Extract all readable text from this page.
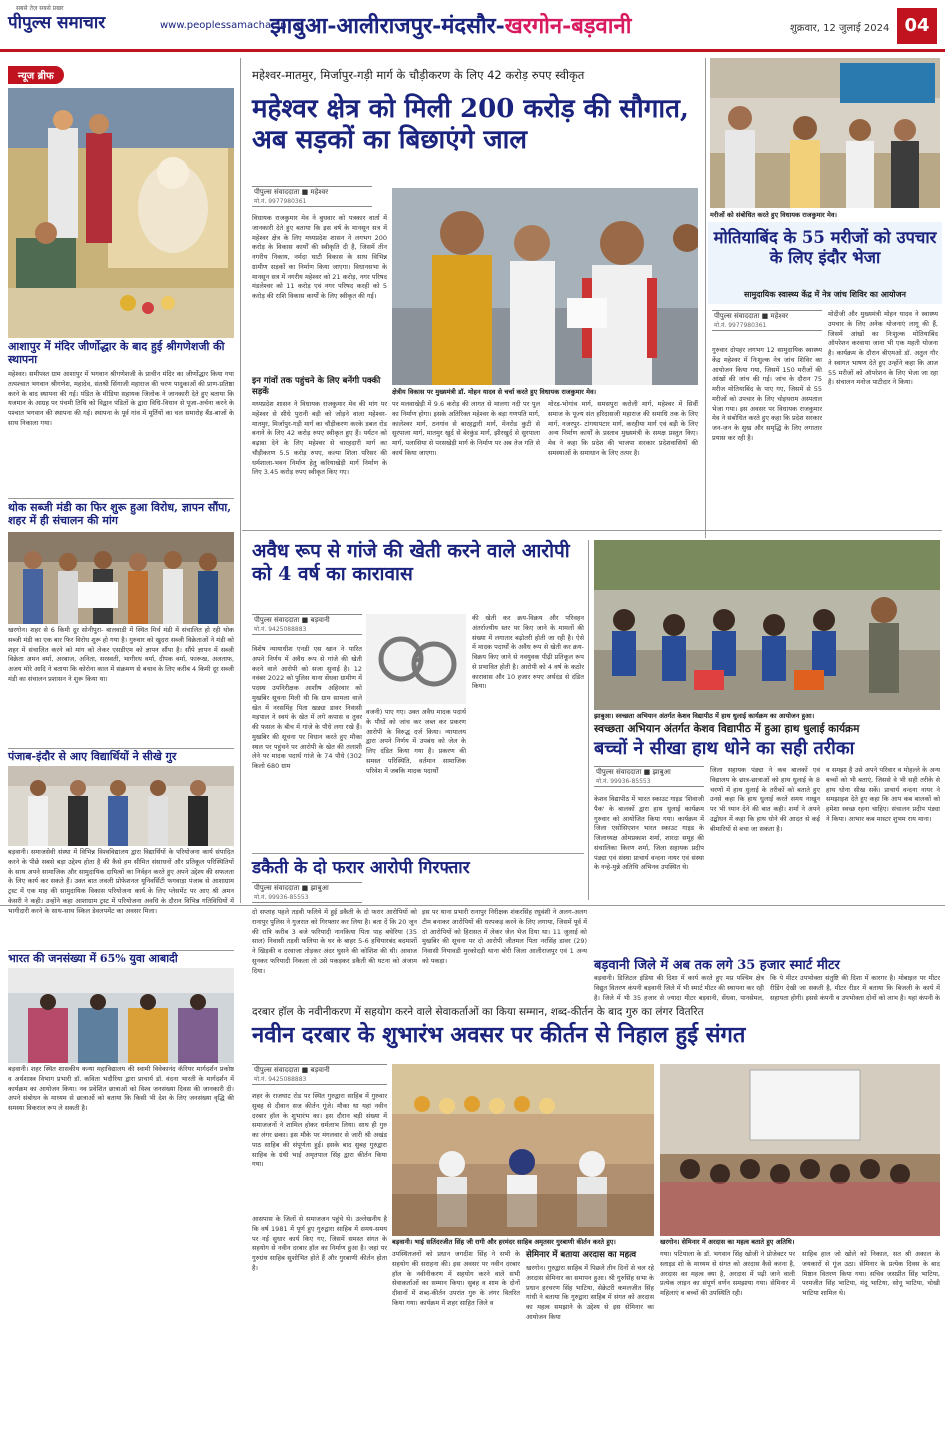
सबसे तेज़ सबसे प्रखर
पीपुल्स समाचार	www.peoplessamachar.in
झाबुआ-आलीराजपुर-मंदसौर-खरगोन-बड़वानी	शुक्रवार, 12 जुलाई 2024 04
न्यूज ब्रीफ
आशापुर में मंदिर जीर्णोद्धार के बाद हुई श्रीगणेशजी की स्थापना
महेश्वर। समीपस्त ग्राम आशापुर में भगवान श्रीगणेशजी के प्राचीन मंदिर का जीर्णोद्धार किया गया तत्पश्चात भगवान श्रीगणेश, महादेव, संतश्री सिंगाजी महाराज की चरण पादुकाओं की प्राण-प्रतिष्ठा करने के बाद स्थापना की गई। पंडित के मीडिया सहायक जिलोक ने जानकारी देते हुए बताया कि यजमान के आग्रह पर पंचमी तिथि को विद्वान पंडितों के द्वारा विधि-विधान से पूजा-अर्चना करने के पश्चात भगवान की स्थापना की गई। स्थापना के पूर्व गांव में मूर्तियों का चल समारोह बैंड-बाजों के साथ निकाला गया।
थोक सब्जी मंडी का फिर शुरू हुआ विरोध, ज्ञापन सौंपा, शहर में ही संचालन की मांग
खरगोन। शहर से 6 किमी दूर सोनीपुरा- बालवाडी में स्थित मिर्च मंडी में संचालित हो रही थोक सब्जी मंडी का एक बार फिर विरोध शुरू हो गया है। गुरुवार को खुदरा सब्जी विक्रेताओं ने मंडी को शहर में संचालित करने को मांग को लेकर एसडीएम को ज्ञापन सौंपा है। सौंपे ज्ञापन में सब्जी विक्रेता अमन वर्मा, अरबाज, अनिता, सरस्वती, भागीरथ वर्मा, दीपक वर्मा, फारूख, अलताफ, अजय मोरे आदि ने बताया कि कोरोना काल में संक्रमण से बचाव के लिए करीब 4 किमी दूर सब्जी मंडी का संचालन प्रशासन ने शुरू किया था।
पंजाब-इंदौर से आए विद्यार्थियों ने सीखे गुर
बड़वानी। समाजसेवी संस्था में विभिन्न विश्वविद्यालय द्वारा विद्यार्थियों के परियोजना कार्य संपादित करने के पीछे सबसे बड़ा उद्देश्य होता है की कैसे हम सीमित संसाधनों और प्रतिकूल परिस्थितियों के साथ अपने सामाजिक और सामुदायिक दायित्वों का निर्वहन करते हुए अपने उद्देश्य की सफलता के लिए कार्य कर सकते हैं। उक्त बात लवली प्रोफेशनल यूनिवर्सिटी फगवाड़ा पंजाब से आशाग्राम ट्रस्ट में एक माह की सामुदायिक विकास परियोजना कार्य के लिए प्लेसमेंट पर आए श्री अमन केसरी ने कही। उन्होंने कहा आशाग्राम ट्रस्ट में परियोजना अवधि के दौरान विभिन्न गतिविधियों में भागीदारी करने के साथ-साथ स्किल डेवलपमेंट का अवसर मिला।
भारत की जनसंख्या में 65% युवा आबादी
बड़वानी। शहर स्थित शासकीय कन्या महाविद्यालय की स्वामी विवेकानंद कॅरियर मार्गदर्शन प्रकोष्ठ व अर्थशास्त्र विभाग प्रभारी डॉ. कविता भदौरिया द्वारा प्राचार्य डॉ. वंदना भारती के मार्गदर्शन में कार्यक्रम का आयोजन किया। नव प्रवेशित छात्राओं को विश्व जनसंख्या दिवस की जानकारी दी। अपने संबोधन के माध्यम से छात्राओं को बताया कि किसी भी देश के लिए जनसंख्या वृद्धि की समस्या विकराल रूप ले सकती है।
महेश्वर-मातमुर, मिर्जापुर-गड़ी मार्ग के चौड़ीकरण के लिए 42 करोड़ रुपए स्वीकृत
महेश्वर क्षेत्र को मिली 200 करोड़ की सौगात, अब सड़कों का बिछाएंगे जाल
पीपुल्स संवाददाता ■ महेश्वर
मो.नं. 9977980361
विधायक राजकुमार मेव ने बुधवार को पत्रकार वार्ता में जानकारी देते हुए बताया कि इस वर्ष के मानसून सत्र में महेश्वर क्षेत्र के लिए मध्यप्रदेश शासन ने लगभग 200 करोड़ के विकास कार्यों की स्वीकृति दी है, जिसमें तीन नगरीय निकाय, नर्मदा घाटी विकास के साथ विभिन्न ग्रामीण सड़कों का निर्माण किया जाएगा। विधानसभा के मानसून सत्र में नगरीय महेश्वर को 21 करोड़, नगर परिषद मंडलेश्वर को 11 करोड़ एवं नगर परिषद करही को 5 करोड़ की राशि विकास कार्यों के लिए स्वीकृत की गई।
इन गांवों तक पहुंचने के लिए बनेंगी पक्की सड़कें
मध्यप्रदेश शासन ने विधायक राजकुमार मेव की मांग पर महेश्वर से सीधे पुरानी बड़ी को जोड़ने वाला महेश्वर-मातमुर, मिर्जापुर-गड़ी मार्ग का चौड़ीकरण करके डबल रोड बनाने के लिए 42 करोड़ रुपए स्वीकृत हुए हैं। पर्यटन को बढ़ावा देने के लिए महेश्वर से चारहदारी मार्ग का चौड़ीकरण 5.5 करोड़ रुपए, कल्पा शिला परिसर की धर्मशाला-भवन निर्माण हेतु करियाखेड़ी मार्ग निर्माण के लिए 3.45 करोड़ रुपए स्वीकृत किए गए।
क्षेत्रीय विकास पर मुख्यमंत्री डॉ. मोहन यादव से चर्चा करते हुए विधायक राजकुमार मेव।
पर मलवाखेड़ी में 9.6 करोड़ की लागत से मालगा नदी पर पुल का निर्माण होगा। इसके अतिरिक्त महेश्वर के बड़ा गणपति मार्ग, कालेश्वर मार्ग, ठनगांव से बारहद्वारी मार्ग, मेनरोड कुटी से सुरपाला मार्ग, मातमुर खुर्द से बेरकुंड मार्ग, झीरखुर्द से सुरपाला मार्ग, पलासिया से परसखेड़ी मार्ग के निर्माण पर अब तेज गति से कार्य किया जाएगा।
मोरड-भोगांव मार्ग, समसपुरा करोली मार्ग, महेश्वर में सिर्वी समाज के पूज्य संत हरिदासजी महाराज की समाधि तक के लिए मार्ग, नजरपुर- टांगयापटार मार्ग, करहीया मार्ग एवं बड़ी के लिए अन्य निर्माण कार्यों के प्रस्ताव मुख्यमंत्री के समक्ष प्रस्तुत किए। मेव ने कहा कि प्रदेश की भाजपा सरकार प्रदेशवासियों की समस्याओं के समाधान के लिए तत्पर है।
मरीजों को संबोधित करते हुए विधायक राजकुमार मेव।
मोतियाबिंद के 55 मरीजों को उपचार के लिए इंदौर भेजा
सामुदायिक स्वास्थ्य केंद्र में नेत्र जांच शिविर का आयोजन
पीपुल्स संवाददाता ■ महेश्वर
मो.नं. 9977980361
गुरुवार दोपहर लगभग 12 सामुदायिक स्वास्थ्य केंद्र महेश्वर में निःशुल्क नेत्र जांच शिविर का आयोजन किया गया, जिसमें 150 मरीजों की आंखों की जांच की गई। जांच के दौरान 75 मरीज मोतियाबिंद के पाए गए, जिसमें से 55 मरीजों को उपचार के लिए चोइथराम अस्पताल भेजा गया। इस अवसर पर विधायक राजकुमार मेव ने संबोधित करते हुए कहा कि प्रदेश सरकार जन-जन के सुख और समृद्धि के लिए लगातार प्रयास कर रही है।
मोदीजी और मुख्यमंत्री मोहन यादव ने स्वास्थ्य उपचार के लिए अनेक योजनाएं लागू की हैं, जिसमें आंखों का निःशुल्क मोतियाबिंद ऑपरेशन करवाया जाना भी एक महती योजना है। कार्यक्रम के दौरान बीएमओ डॉ. अतुल गौर ने स्वागत भाषण देते हुए उन्होंने कहा कि आज 55 मरीजों को ऑपरेशन के लिए भेजा जा रहा है। संचालन मनोज पाटीदार ने किया।
अवैध रूप से गांजे की खेती करने वाले आरोपी को 4 वर्ष का कारावास
पीपुल्स संवाददाता ■ बड़वानी
मो.नं. 9425088883
विशेष न्यायाधीश एनडी एस खान ने पारित अपने निर्णय में अवैध रूप से गांजे की खेती करने वाले आरोपी को सजा सुनाई है। 12 नवंबर 2022 को पुलिस थाना सेंधवा ग्रामीण में पदस्थ उपनिरीक्षक आशीष अहिरवार को मुखबिर सूचना मिली थी कि ग्राम सामला वाले खेत में नरसमिंह पिता खड्या डावर निवासी मड़पाल ने स्वयं के खेत में लगे कपास व तुवर की फसल के बीच में गांजे के पौधे लगा रखे हैं। मुखबिर की सूचना पर विधान करते हुए मौका स्थल पर पहुंचने पर आरोपी के खेत की तलाशी लेने पर मादक पदार्थ गांजे के 74 पौधे (302 किलो 680 ग्राम
वजनी) पाए गए। उक्त अवैध मादक पदार्थ के पौधों को जांच कर जब्त कर प्रकरण आरोपी के विरुद्ध दर्ज किया। न्यायालय द्वारा अपने निर्णय में उपबंध को जेल के लिए दंडित किया गया है। प्रकरण की समस्त परिस्थिति, वर्तमान सामाजिक परिवेश में जबकि मादक पदार्थों
की खेती कर क्रय-विक्रय और परिवहन अंतर्राज्यीय स्तर पर किए जाने के मामलों की संख्या में लगातार बढ़ोतरी होती जा रही है। ऐसे में मादक पदार्थों के अवैध रूप से खेती कर क्रय-विक्रय किए जाने से नवयुवक पीढ़ी प्रतिकूल रूप से प्रभावित होती है। आरोपी को 4 वर्ष के कठोर कारावास और 10 हजार रुपए अर्थदंड से दंडित किया।
डकैती के दो फरार आरोपी गिरफ्तार
पीपुल्स संवाददाता ■ झाबुआ
मो.नं. 99936-85553
झाबुआ। स्वच्छता अभियान अंतर्गत केशव विद्यापीठ में हाथ धुलाई कार्यक्रम का आयोजन हुआ।
स्वच्छता अभियान अंतर्गत केशव विद्यापीठ में हुआ हाथ धुलाई कार्यक्रम
बच्चों ने सीखा हाथ धोने का सही तरीका
पीपुल्स संवाददाता ■ झाबुआ
मो.नं. 99936-85553
केशव विद्यापीठ में भारत स्काउट गाइड 'शिवाजी पैक' के बालकों द्वारा हाथ धुलाई कार्यक्रम गुरुवार को आयोजित किया गया। कार्यक्रम में जिला एसोसिएशन भारत स्काउट गाइड के जिलाध्यक्ष ओमप्रकाश शर्मा, शारदा समूह की संचालिका किरण शर्मा, जिला सहायक प्रदीप पंड्या एवं संस्था प्राचार्य वन्दना नायर एवं संस्था के नन्हे-मुन्ने अतिथि अभिनव उपस्थित थे।
जिला सहायक पंड्या ने कब बालकों एवं विद्यालय के छात्र-छात्राओं को हाथ धुलाई के 8 चरणों में हाथ धुलाई के तरीकों को बताते हुए उनसे कहा कि हाथ धुलाई करते समय नाखून पर भी ध्यान देने की बात कही। शर्मा ने अपने उद्बोधन में कहा कि हाथ धोने की आदत से कई बीमारियों से बचा जा सकता है।
व समझा है उसे अपने परिवार व मोहल्ले के अन्य बच्चों को भी बताएं, जिससे वे भी सही तरीके से हाथ धोना सीख सकें। प्राचार्य वन्दना नायर ने समझाइश देते हुए कहा कि आप कब बालकों को हमेशा स्वच्छ रहना चाहिए। संचालन प्रदीप पंड्या ने किया। आभार कब मास्टर शुभम राय माना।
दरबार हॉल के नवीनीकरण में सहयोग करने वाले सेवाकर्ताओं का किया सम्मान, शब्द-कीर्तन के बाद गुरु का लंगर वितरित
नवीन दरबार के शुभारंभ अवसर पर कीर्तन से निहाल हुई संगत
पीपुल्स संवाददाता ■ बड़वानी
मो.नं. 9425088883
शहर के राजघाट रोड पर स्थित गुरुद्वारा साहिब में गुरुवार सुबह से दीवान सज कीर्तन गूंजे। मौका था यहां नवीन दरबार हॉल के शुभारंभ का। इस दौरान बड़ी संख्या में समाजजनों ने शामिल होकर धर्मलाभ लिया। साथ ही गुरु का लंगर छका। इस मौके पर मंगलवार से जारी श्री अखंड पाठ साहिब की संपूर्णता हुई। इसके बाद सुबह गुरुद्वारा साहिब के ग्रंथी भाई अमृतपाल सिंह द्वारा कीर्तन किया गया।
बड़वानी। भाई सतिंदरजीत सिंह जी रागी और हरमंदर साहिब अमृतसर गुरबाणी कीर्तन करते हुए।
उपस्थितजनों को प्रधान जगदीश सिंह ने सभी के सहयोग की सराहना की। इस अवसर पर नवीन दरबार हॉल के नवीनीकरण में सहयोग करने वाले सभी सेवाकर्ताओं का सम्मान किया। सुबह व शाम के दोनों दीवानों में शब्द-कीर्तन उपरांत गुरु के लंगर वितरित किया गया। कार्यक्रम में शहर साहित जिले व
आसपास के जिलों से समाजजन पहुंचे थे। उल्लेखनीय है कि वर्ष 1981 में पूर्ण हुए गुरुद्वारा साहिब में समय-समय पर नई सुधार कार्य किए गए, जिसमें समस्त संगत के सहयोग से नवीन दरबार हॉल का निर्माण हुआ है। जहां पर गुरुग्रंथ साहिब सुशोभित होते हैं और गुरबाणी कीर्तन होता है।
खरगोन। सेमिनार में अरदास का महत्व बताते हुए अतिथि।
सेमिनार में बताया अरदास का महत्व
खरगोन। गुरुद्वारा साहिब में पिछले तीन दिनों से चल रहे अरदास सेमिनार का समापन हुआ। श्री गुरुसिंह सभा के प्रधान हरचरण सिंह भाटिया, सेक्रेटरी कमलजीत सिंह गांधी ने बताया कि गुरुद्वारा साहिब में संगत को अरदास का महत्व समझाने के उद्देश्य से इस सेमिनार का आयोजन किया
गया। पटियाला के डॉ. भगवान सिंह खोजी ने प्रोजेक्टर पर स्लाइड शो के माध्यम से संगत को अरदास कैसे करना है, अरदास का महत्व क्या है, अरदास में पढ़ी जाने वाली प्रत्येक लाइन का संपूर्ण वर्णन समझाया गया। सेमिनार में महिलाएं व बच्चों की उपस्थिति रही।
साहिब हाल जो खोले को निकाल, सत श्री अकाल के जयकारों से गूंज उठा। सेमिनार के प्रत्येक दिवस के बाद मिष्ठान वितरण किया गया। सचिव जसप्रीत सिंह भाटिया, परमजीत सिंह भाटिया, मंदू भाटिया, सोनू भाटिया, चोखी भाटिया शामिल थे।
बड़वानी जिले में अब तक लगे 35 हजार स्मार्ट मीटर
दो सप्ताह पहले तड़वी फलिये में हुई डकैती के दो फरार आरोपियों को रानापुर पुलिस ने गुजरात को गिरफ्तार कर लिया है। बता दें कि 20 जून की रात्रि करीब 3 बजे फरियादी नानकिया पिता पाह बघेरिया (35 साल) निवासी तड़वी फलिया के घर के बाहर 5-6 हथियारबंद बदमाशों ने खिड़की व दरवाजा तोड़कर अंदर घुसने की कोशिश की थी। आवाज सुनकर फरियादी निकला तो उसे पकड़कर डकैती की घटना को अंजाम दिया।
इस पर थाना प्रभारी रानापुर निरीक्षक शंकरसिंह रघुवंशी ने अलग-अलग टीम बनाकर आरोपियों की धरपकड़ करने के लिए लगाया, जिसमें पूर्व में दो आरोपियों को हिरासत में लेकर जेल भेज दिया था। 11 जुलाई को मुखबिर की सूचना पर दो आरोपी जीतमल पिता नरसिंह डावर (29) निवासी नियावडी मुरकोदड़ी थाना बोरी जिला आलीराजपुर एवं 1 अन्य को पकड़ा।
बड़वानी। डिजिटल इंडिया की दिशा में कार्य करते हुए मप्र पश्चिम क्षेत्र विद्युत वितरण कंपनी बड़वानी जिले में भी स्मार्ट मीटर की स्थापना कर रही है। जिले में भी 35 हजार से ज्यादा मीटर बड़वानी, सेंधवा, पानसेमल,
कि ये मीटर उपभोक्ता संतुष्टि की दिशा में कारगर है। मोबाइल पर मीटर रीडिंग देखी जा सकती है, मीटर रीडर में बताया कि बिजली के कार्य में सहायता होगी। इससे कंपनी व उपभोक्ता दोनों को लाभ है। यहां कंपनी के
